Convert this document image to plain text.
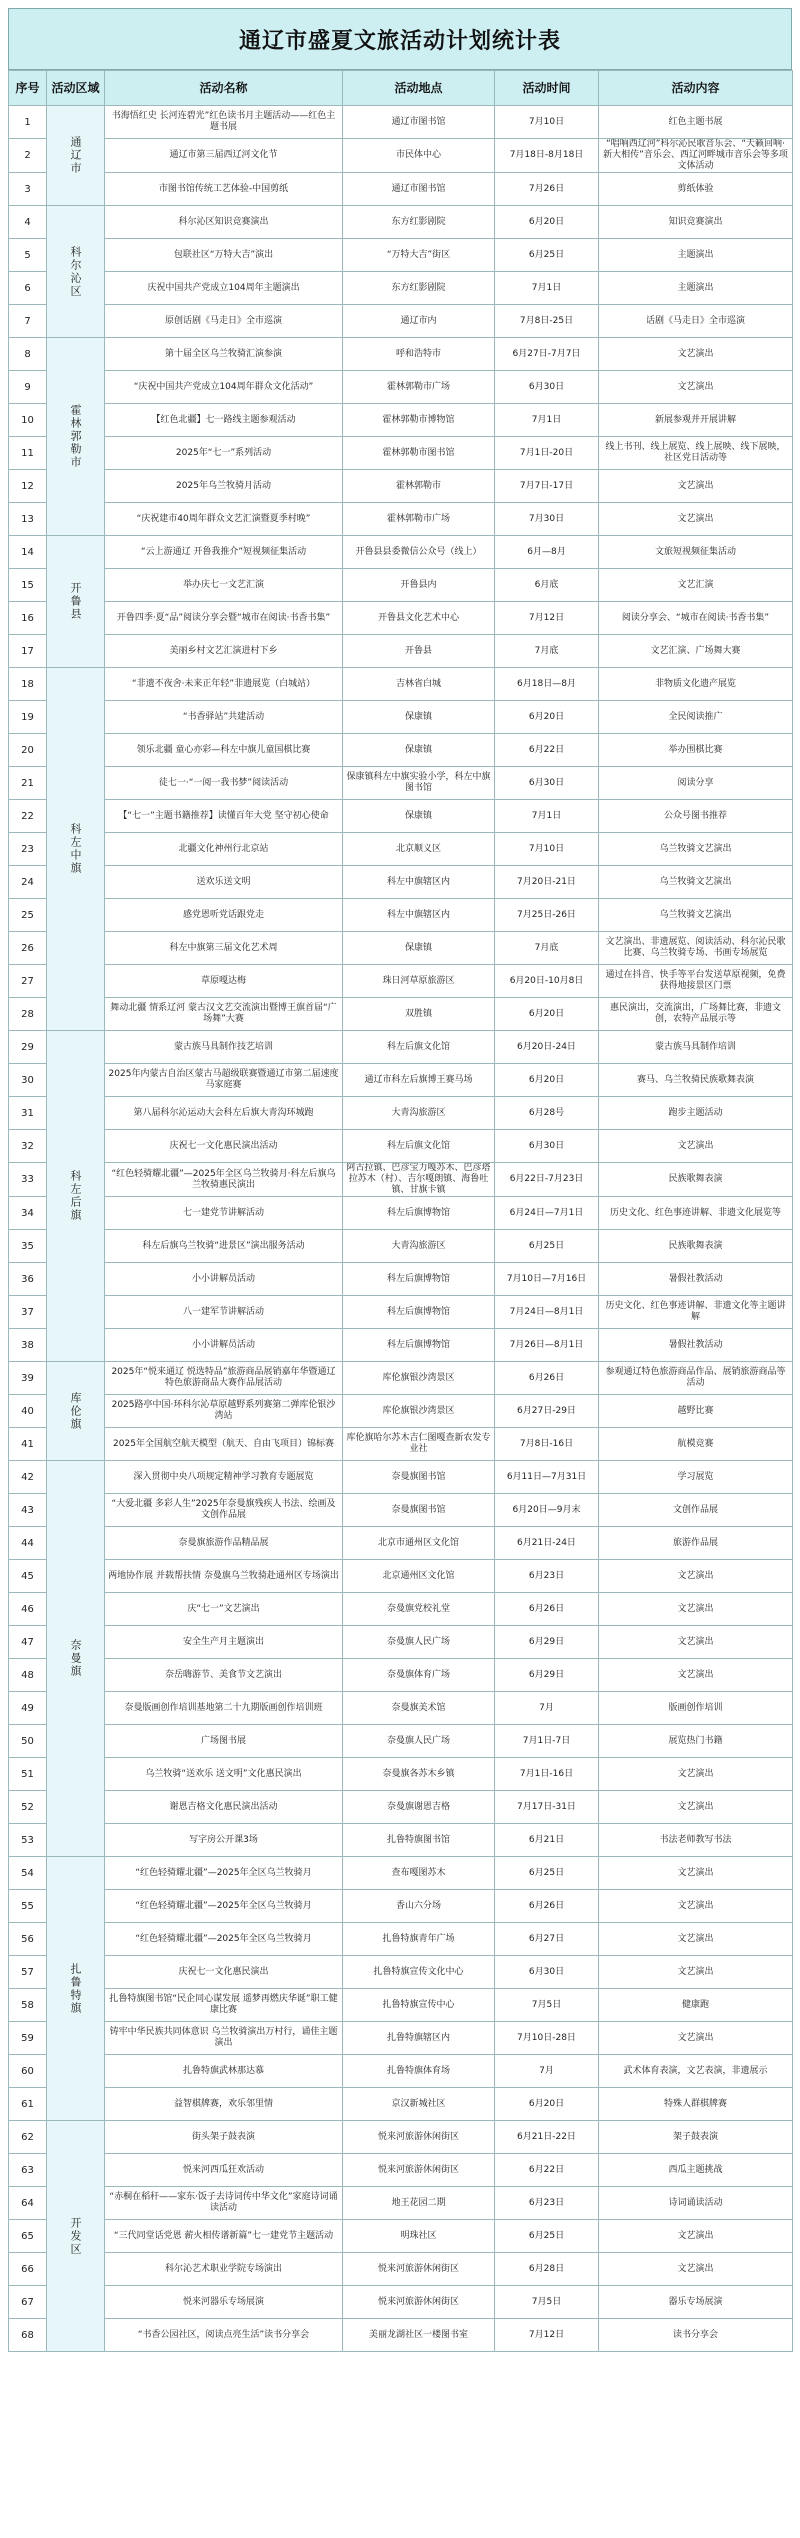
通辽市盛夏文旅活动计划统计表
序号	活动区域	活动名称	活动地点	活动时间	活动内容
1	通辽市	书海悟红史 长河连碧光”红色读书月主题活动——红色主题书展	通辽市图书馆	7月10日	红色主题书展
2		通辽市第三届西辽河文化节	市民体中心	7月18日-8月18日	“唱响西辽河”科尔沁民歌音乐会、“天籁回响·新大相传”音乐会、西辽河畔城市音乐会等多项文体活动
3		市图书馆传统工艺体验-中国剪纸	通辽市图书馆	7月26日	剪纸体验
4	科尔沁区	科尔沁区知识竞赛演出	东方红影剧院	6月20日	知识竞赛演出
5		包联社区“万特大吉”演出	“万特大吉”街区	6月25日	主题演出
6		庆祝中国共产党成立104周年主题演出	东方红影剧院	7月1日	主题演出
7		原创话剧《马走日》全市巡演	通辽市内	7月8日-25日	话剧《马走日》全市巡演
8	霍林郭勒市	第十届全区乌兰牧骑汇演参演	呼和浩特市	6月27日-7月7日	文艺演出
9		“庆祝中国共产党成立104周年群众文化活动”	霍林郭勒市广场	6月30日	文艺演出
10		【红色北疆】七一路线主题参观活动	霍林郭勒市博物馆	7月1日	新展参观并开展讲解
11		2025年“七一”系列活动	霍林郭勒市图书馆	7月1日-20日	线上书刊、线上展览、线上展映、线下展映，社区党日活动等
12		2025年乌兰牧骑月活动	霍林郭勒市	7月7日-17日	文艺演出
13		“庆祝建市40周年群众文艺汇演暨夏季村晚”	霍林郭勒市广场	7月30日	文艺演出
14	开鲁县	“云上游通辽 开鲁我推介”短视频征集活动	开鲁县县委微信公众号（线上）	6月—8月	文旅短视频征集活动
15		举办庆七一文艺汇演	开鲁县内	6月底	文艺汇演
16		开鲁四季·夏“品”阅读分享会暨“城市在阅读·书香书集”	开鲁县文化艺术中心	7月12日	阅读分享会、“城市在阅读·书香书集”
17		美丽乡村文艺汇演进村下乡	开鲁县	7月底	文艺汇演、广场舞大赛
18	科左中旗	“非遗不夜舍·未来正年轻”非遗展览（白城站）	吉林省白城	6月18日—8月	非物质文化遗产展览
19		“书香驿站”共建活动	保康镇	6月20日	全民阅读推广
20		领乐北疆 童心亦彩—科左中旗儿童国棋比赛	保康镇	6月22日	举办围棋比赛
21		徒七一·“一阅一我书梦”阅读活动	保康镇科左中旗实验小学，科左中旗图书馆	6月30日	阅读分享
22		【“七一”主题书籍推荐】读懂百年大党 坚守初心使命	保康镇	7月1日	公众号图书推荐
23		北疆文化神州行北京站	北京顺义区	7月10日	乌兰牧骑文艺演出
24		送欢乐送文明	科左中旗辖区内	7月20日-21日	乌兰牧骑文艺演出
25		感党恩听党话跟党走	科左中旗辖区内	7月25日-26日	乌兰牧骑文艺演出
26		科左中旗第三届文化艺术周	保康镇	7月底	文艺演出、非遗展览、阅读活动、科尔沁民歌比赛、乌兰牧骑专场、书画专场展览
27		草原嘎达梅	珠日河草原旅游区	6月20日-10月8日	通过在抖音、快手等平台发送草原视频，免费获得地接景区门票
28		舞动北疆 情系辽河 蒙古汉文艺交流演出暨博王旗首届“广场舞”大赛	双胜镇	6月20日	惠民演出，交流演出，广场舞比赛，非遗文创，农特产品展示等
29	科左后旗	蒙古族马具制作技艺培训	科左后旗文化馆	6月20日-24日	蒙古族马具制作培训
30		2025年内蒙古自治区蒙古马超级联赛暨通辽市第二届速度马家庭赛	通辽市科左后旗博王赛马场	6月20日	赛马、乌兰牧骑民族歌舞表演
31		第八届科尔沁运动大会科左后旗大青沟环城跑	大青沟旅游区	6月28号	跑步主题活动
32		庆祝七一文化惠民演出活动	科左后旗文化馆	6月30日	文艺演出
33		“红色轻骑耀北疆”—2025年全区乌兰牧骑月·科左后旗乌兰牧骑惠民演出	阿古拉镇、巴彦宝力嘎苏木、巴彦塔拉苏木（村）、吉尔嘎朗镇、海鲁吐镇、甘旗卡镇	6月22日-7月23日	民族歌舞表演
34		七一建党节讲解活动	科左后旗博物馆	6月24日—7月1日	历史文化、红色事迹讲解、非遗文化展览等
35		科左后旗乌兰牧骑“进景区”演出服务活动	大青沟旅游区	6月25日	民族歌舞表演
36		小小讲解员活动	科左后旗博物馆	7月10日—7月16日	暑假社教活动
37		八一建军节讲解活动	科左后旗博物馆	7月24日—8月1日	历史文化、红色事迹讲解、非遗文化等主题讲解
38		小小讲解员活动	科左后旗博物馆	7月26日—8月1日	暑假社教活动
39	库伦旗	2025年“悦来通辽 悦选特品”旅游商品展销嘉年华暨通辽特色旅游商品大赛作品展活动	库伦旗银沙湾景区	6月26日	参观通辽特色旅游商品作品、展销旅游商品等活动
40		2025路亭中国·环科尔沁草原越野系列赛第二弹库伦银沙湾站	库伦旗银沙湾景区	6月27日-29日	越野比赛
41		2025年全国航空航天模型（航天、自由飞项目）锦标赛	库伦旗哈尔苏木吉仁图嘎查新农发专业社	7月8日-16日	航模竞赛
42	奈曼旗	深入贯彻中央八项规定精神学习教育专题展览	奈曼旗图书馆	6月11日—7月31日	学习展览
43		“大爱北疆 多彩人生”2025年奈曼旗残疾人书法、绘画及文创作品展	奈曼旗图书馆	6月20日—9月末	文创作品展
44		奈曼旗旅游作品精品展	北京市通州区文化馆	6月21日-24日	旅游作品展
45		两地协作展 并载帮扶情 奈曼旗乌兰牧骑赴通州区专场演出	北京通州区文化馆	6月23日	文艺演出
46		庆“七一”文艺演出	奈曼旗党校礼堂	6月26日	文艺演出
47		安全生产月主题演出	奈曼旗人民广场	6月29日	文艺演出
48		奈岳嗨游节、美食节文艺演出	奈曼旗体育广场	6月29日	文艺演出
49		奈曼版画创作培训基地第二十九期版画创作培训班	奈曼旗美术馆	7月	版画创作培训
50		广场图书展	奈曼旗人民广场	7月1日-7日	展览热门书籍
51		乌兰牧骑“送欢乐 送文明”文化惠民演出	奈曼旗各苏木乡镇	7月1日-16日	文艺演出
52		谢恩吉格文化惠民演出活动	奈曼旗谢恩吉格	7月17日-31日	文艺演出
53		写字房公开课3场	扎鲁特旗图书馆	6月21日	书法老师教写书法
54	扎鲁特旗	“红色轻骑耀北疆”—2025年全区乌兰牧骑月	查布嘎图苏木	6月25日	文艺演出
55		“红色轻骑耀北疆”—2025年全区乌兰牧骑月	香山六分场	6月26日	文艺演出
56		“红色轻骑耀北疆”—2025年全区乌兰牧骑月	扎鲁特旗青年广场	6月27日	文艺演出
57		庆祝七一文化惠民演出	扎鲁特旗宣传文化中心	6月30日	文艺演出
58		扎鲁特旗图书馆“民企同心谋发展 遥梦再燃庆华诞”职工健康比赛	扎鲁特旗宣传中心	7月5日	健康跑
59		铸牢中华民族共同体意识 乌兰牧骑演出万村行，诵佳主题演出	扎鲁特旗辖区内	7月10日-28日	文艺演出
60		扎鲁特旗武林那达慕	扎鲁特旗体育场	7月	武术体育表演，文艺表演，非遗展示
61		益智棋牌赛，欢乐邻里情	京汉新城社区	6月20日	特殊人群棋牌赛
62	开发区	街头架子鼓表演	悦来河旅游休闲街区	6月21日-22日	架子鼓表演
63		悦来河西瓜狂欢活动	悦来河旅游休闲街区	6月22日	西瓜主题挑战
64		“赤桐在稻秆——家东·饭子去诗词传中华文化”家庭诗词诵读活动	地王花园二期	6月23日	诗词诵读活动
65		“三代同堂话党恩 薪火相传谱新篇”七一建党节主题活动	明珠社区	6月25日	文艺演出
66		科尔沁艺术职业学院专场演出	悦来河旅游休闲街区	6月28日	文艺演出
67		悦来河器乐专场展演	悦来河旅游休闲街区	7月5日	器乐专场展演
68		“书香公园社区，阅读点亮生活”读书分享会	美丽龙湖社区一楼图书室	7月12日	读书分享会
